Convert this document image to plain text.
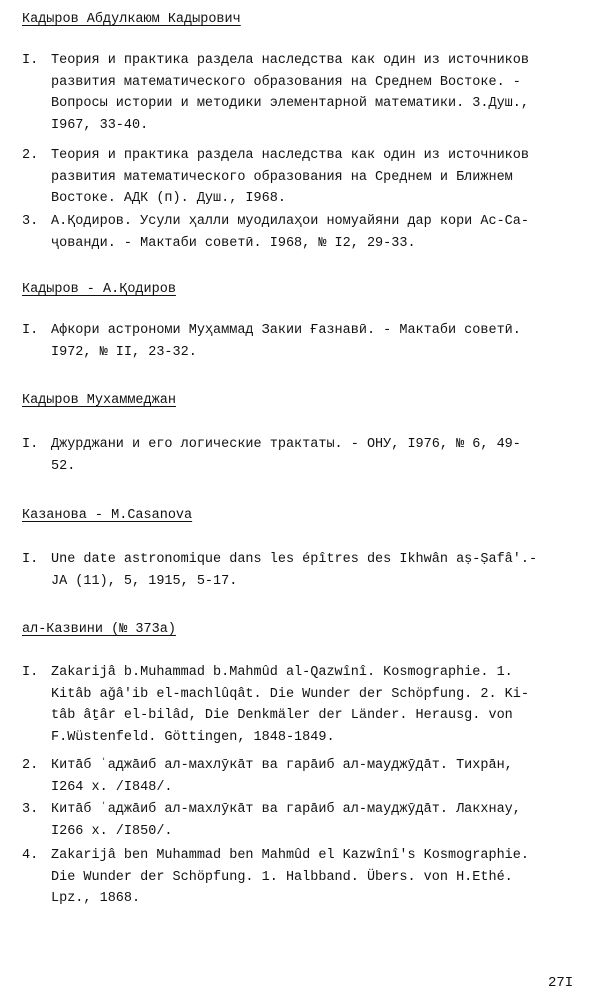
Кадыров Абдулкаюм Кадырович
I. Теория и практика раздела наследства как один из источников
развития математического образования на Среднем Востоке. -
Вопросы истории и методики элементарной математики. 3.Душ.,
I967, 33-40.
2. Теория и практика раздела наследства как один из источников
развития математического образования на Среднем и Ближнем
Востоке. АДК (п). Душ., I968.
3. А.Қодиров. Усули ҳалли муодилаҳои номуайяни дар кори Ас-Са-
ҷованди. - Мактаби советӣ. I968, № I2, 29-33.
Кадыров - А.Қодиров
I. Афкори астрономи Муҳаммад Закии Ғазнавӣ. - Мактаби советӣ.
I972, № II, 23-32.
Кадыров Мухаммеджан
I. Джурджани и его логические трактаты. - ОНУ, I976, № 6, 49-
52.
Казанова - M.Casanova
I. Une date astronomique dans les épîtres des Ikhwân aṣ-Ṣafâ'.-
JA (11), 5, 1915, 5-17.
ал-Казвини (№ 373а)
I. Zakarijâ b.Muhammad b.Mahmûd al-Qazwînî. Kosmographie. 1.
Kitâb aǧâ'ib el-machlûqât. Die Wunder der Schöpfung. 2. Ki-
tâb âṯâr el-bilâd, Die Denkmäler der Länder. Herausg. von
F.Wüstenfeld. Göttingen, 1848-1849.
2. Китāб ʿаджāиб ал-махлӯкāт ва гарāиб ал-мауджӯдāт. Тихрāн,
I264 х. /I848/.
3. Китāб ʿаджāиб ал-махлӯкāт ва гарāиб ал-мауджӯдāт. Лакхнау,
I266 х. /I850/.
4. Zakarijâ ben Muhammad ben Mahmûd el Kazwînî's Kosmographie.
Die Wunder der Schöpfung. 1. Halbband. Übers. von H.Ethé.
Lpz., 1868.
27I
